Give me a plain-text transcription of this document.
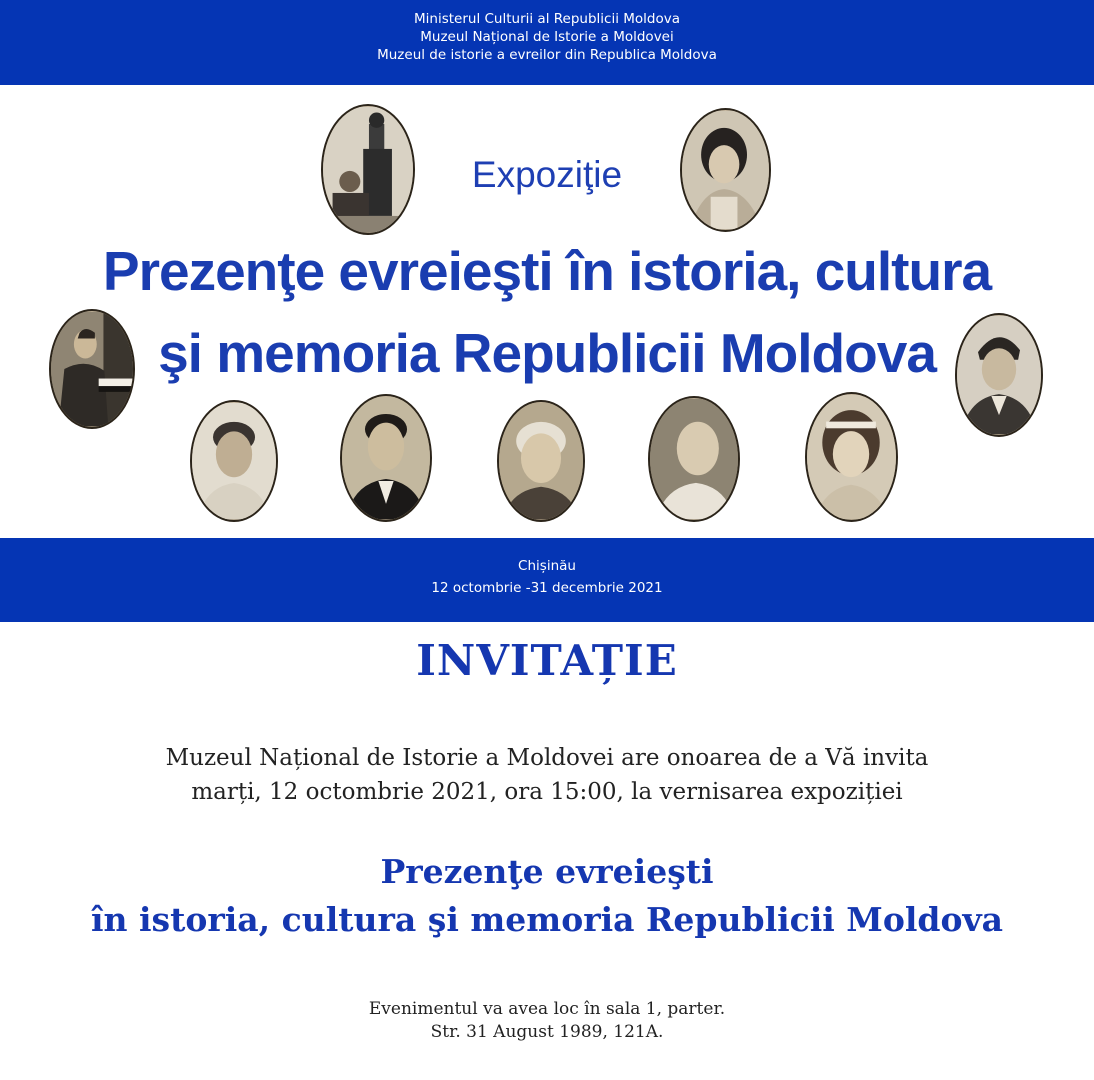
Ministerul Culturii al Republicii Moldova
Muzeul Național de Istorie a Moldovei
Muzeul de istorie a evreilor din Republica Moldova
Expoziţie
Prezenţe evreieşti în istoria, cultura
şi memoria Republicii Moldova
Chișinău
12 octombrie -31 decembrie 2021
INVITAȚIE
Muzeul Național de Istorie a Moldovei are onoarea de a Vă invita
marți, 12 octombrie 2021, ora 15:00, la vernisarea expoziției
Prezenţe evreieşti
în istoria, cultura şi memoria Republicii Moldova
Evenimentul va avea loc în sala 1, parter.
Str. 31 August 1989, 121A.
